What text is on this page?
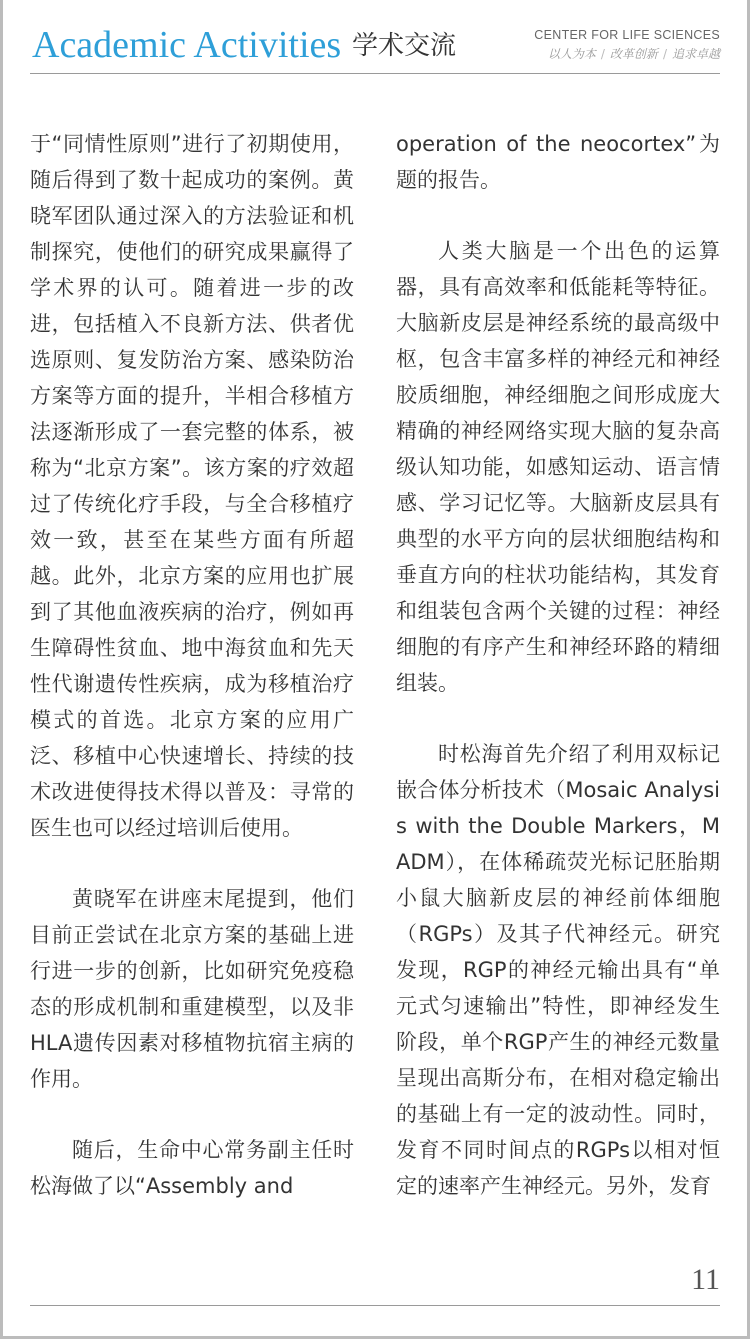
Academic Activities 学术交流	CENTER FOR LIFE SCIENCES
以人为本 / 改革创新 / 追求卓越

于“同情性原则”进行了初期使用，随后得到了数十起成功的案例。黄晓军团队通过深入的方法验证和机制探究，使他们的研究成果赢得了学术界的认可。随着进一步的改进，包括植入不良新方法、供者优选原则、复发防治方案、感染防治方案等方面的提升，半相合移植方法逐渐形成了一套完整的体系，被称为“北京方案”。该方案的疗效超过了传统化疗手段，与全合移植疗效一致，甚至在某些方面有所超越。此外，北京方案的应用也扩展到了其他血液疾病的治疗，例如再生障碍性贫血、地中海贫血和先天性代谢遗传性疾病，成为移植治疗模式的首选。北京方案的应用广泛、移植中心快速增长、持续的技术改进使得技术得以普及：寻常的医生也可以经过培训后使用。

黄晓军在讲座末尾提到，他们目前正尝试在北京方案的基础上进行进一步的创新，比如研究免疫稳态的形成机制和重建模型，以及非HLA遗传因素对移植物抗宿主病的作用。

随后，生命中心常务副主任时松海做了以“Assembly and

operation of the neocortex”为题的报告。

人类大脑是一个出色的运算器，具有高效率和低能耗等特征。大脑新皮层是神经系统的最高级中枢，包含丰富多样的神经元和神经胶质细胞，神经细胞之间形成庞大精确的神经网络实现大脑的复杂高级认知功能，如感知运动、语言情感、学习记忆等。大脑新皮层具有典型的水平方向的层状细胞结构和垂直方向的柱状功能结构，其发育和组装包含两个关键的过程：神经细胞的有序产生和神经环路的精细组装。

时松海首先介绍了利用双标记嵌合体分析技术（Mosaic Analysis with the Double Markers，MADM），在体稀疏荧光标记胚胎期小鼠大脑新皮层的神经前体细胞（RGPs）及其子代神经元。研究发现，RGP的神经元输出具有“单元式匀速输出”特性，即神经发生阶段，单个RGP产生的神经元数量呈现出高斯分布，在相对稳定输出的基础上有一定的波动性。同时，发育不同时间点的RGPs以相对恒定的速率产生神经元。另外，发育

11
